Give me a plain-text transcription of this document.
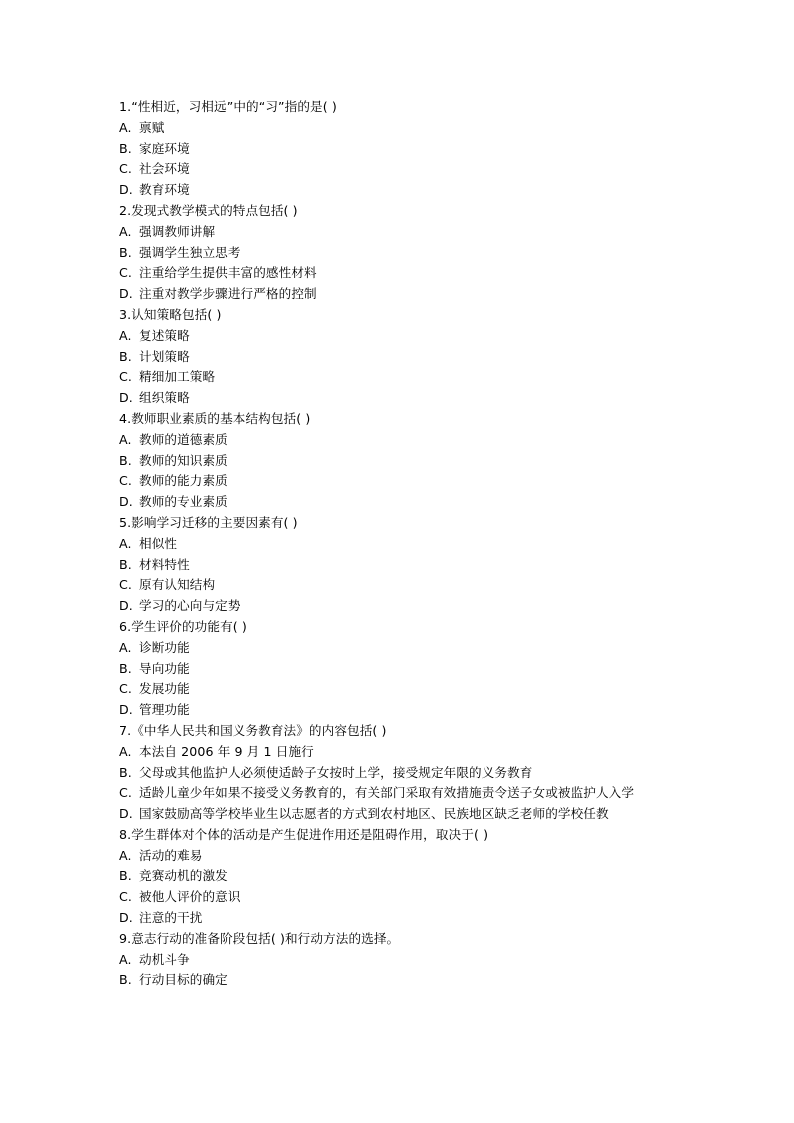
1.“性相近，习相远”中的“习”指的是( )
A. 禀赋
B. 家庭环境
C. 社会环境
D. 教育环境
2.发现式教学模式的特点包括( )
A. 强调教师讲解
B. 强调学生独立思考
C. 注重给学生提供丰富的感性材料
D. 注重对教学步骤进行严格的控制
3.认知策略包括( )
A. 复述策略
B. 计划策略
C. 精细加工策略
D. 组织策略
4.教师职业素质的基本结构包括( )
A. 教师的道德素质
B. 教师的知识素质
C. 教师的能力素质
D. 教师的专业素质
5.影响学习迁移的主要因素有( )
A. 相似性
B. 材料特性
C. 原有认知结构
D. 学习的心向与定势
6.学生评价的功能有( )
A. 诊断功能
B. 导向功能
C. 发展功能
D. 管理功能
7.《中华人民共和国义务教育法》的内容包括( )
A. 本法自 2006 年 9 月 1 日施行
B. 父母或其他监护人必须使适龄子女按时上学，接受规定年限的义务教育
C. 适龄儿童少年如果不接受义务教育的，有关部门采取有效措施责令送子女或被监护人入学
D. 国家鼓励高等学校毕业生以志愿者的方式到农村地区、民族地区缺乏老师的学校任教
8.学生群体对个体的活动是产生促进作用还是阻碍作用，取决于( )
A. 活动的难易
B. 竞赛动机的激发
C. 被他人评价的意识
D. 注意的干扰
9.意志行动的准备阶段包括( )和行动方法的选择。
A. 动机斗争
B. 行动目标的确定
